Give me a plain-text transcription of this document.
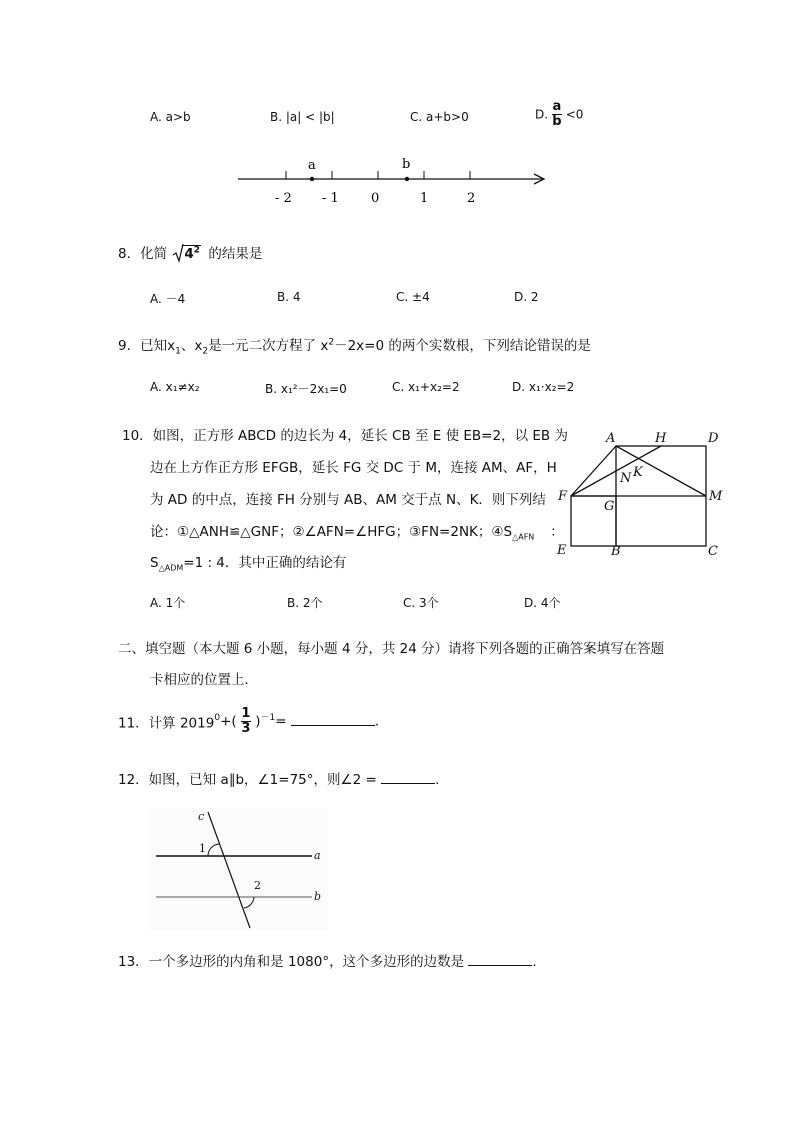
A. a>b	B. |a| < |b|	C. a+b>0	D. $\frac{a}{b} <0$
a	b
- 2 - 1 0	1	2
8．化简 $4^2$ 的结果是
A. －4	B. 4	C. ±4	D. 2
9．已知$x_1$、$x_2$是一元二次方程了 $x^2-2x=0$ 的两个实数根，下列结论错误的是
A. x₁≠x₂	B. x₁²－2x₁=0	C. x₁+x₂=2	D. x₁·x₂=2
10．如图，正方形 ABCD 的边长为 4，延长 CB 至 E 使 EB=2，以 EB 为
边在上方作正方形 EFGB，延长 FG 交 DC 于 M，连接 AM、AF，H
为 AD 的中点，连接 FH 分别与 AB、AM 交于点 N、K．则下列结
论：①△ANH≌△GNF；②∠AFN=∠HFG；③FN=2NK；$④S_{\triangle AFN}$ ：
$S_{\triangle ADM}=1$ : 4．其中正确的结论有
A. 1个	B. 2个	C. 3个	D. 4个
A	H	D
K
N
F
G
M
E	B	C
二、填空题（本大题 6 小题，每小题 4 分，共 24 分）请将下列各题的正确答案填写在答题
卡相应的位置上．
11．计算 $2019^0+( \frac{1}{3} )^{-1}=$	.
12．如图，已知 a∥b，∠1=75°，则∠2 =	.
c
a
b
1
2
13．一个多边形的内角和是 1080°，这个多边形的边数是	.
